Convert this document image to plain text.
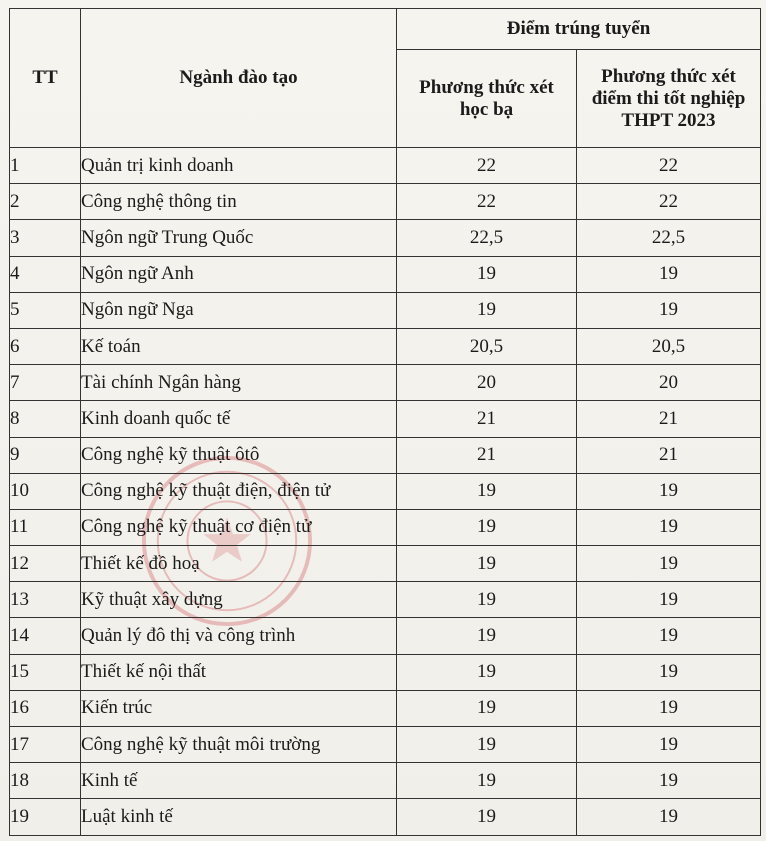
TT	Ngành đào tạo	Điểm trúng tuyển	
		Phương thức xét học bạ	Phương thức xét điểm thi tốt nghiệp THPT 2023
1	Quản trị kinh doanh	22	22
2	Công nghệ thông tin	22	22
3	Ngôn ngữ Trung Quốc	22,5	22,5
4	Ngôn ngữ Anh	19	19
5	Ngôn ngữ Nga	19	19
6	Kế toán	20,5	20,5
7	Tài chính Ngân hàng	20	20
8	Kinh doanh quốc tế	21	21
9	Công nghệ kỹ thuật ôtô	21	21
10	Công nghệ kỹ thuật điện, điện tử	19	19
11	Công nghệ kỹ thuật cơ điện tử	19	19
12	Thiết kế đồ hoạ	19	19
13	Kỹ thuật xây dựng	19	19
14	Quản lý đô thị và công trình	19	19
15	Thiết kế nội thất	19	19
16	Kiến trúc	19	19
17	Công nghệ kỹ thuật môi trường	19	19
18	Kinh tế	19	19
19	Luật kinh tế	19	19
